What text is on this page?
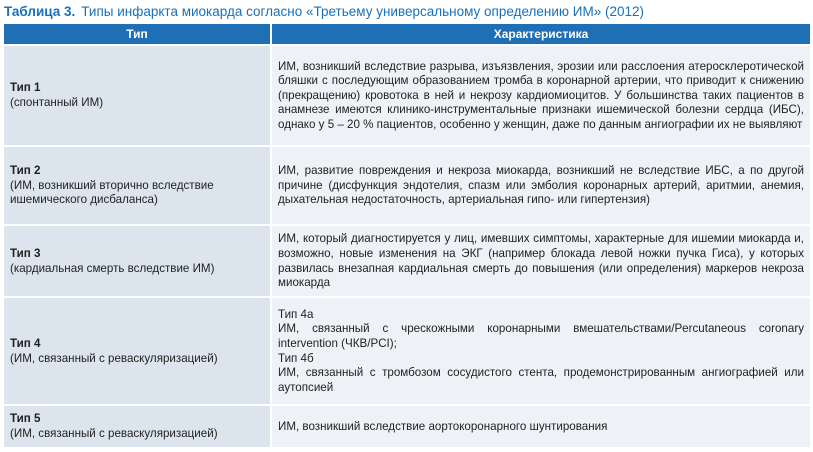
Таблица 3. Типы инфаркта миокарда согласно «Третьему универсальному определению ИМ» (2012)
Тип	Характеристика

Тип 1
(спонтанный ИМ)	ИМ, возникший вследствие разрыва, изъязвления, эрозии или расслоения атеросклеротической бляшки с последующим образованием тромба в коронарной артерии, что приводит к снижению (прекращению) кровотока в ней и некрозу кардиомиоцитов. У большинства таких пациентов в анамнезе имеются клинико-инструментальные признаки ишемической болезни сердца (ИБС), однако у 5 – 20 % пациентов, особенно у женщин, даже по данным ангиографии их не выявляют

Тип 2
(ИМ, возникший вторично вследствие ишемического дисбаланса)	ИМ, развитие повреждения и некроза миокарда, возникший не вследствие ИБС, а по другой причине (дисфункция эндотелия, спазм или эмболия коронарных артерий, аритмии, анемия, дыхательная недостаточность, артериальная гипо- или гипертензия)

Тип 3
(кардиальная смерть вследствие ИМ)	ИМ, который диагностируется у лиц, имевших симптомы, характерные для ишемии миокарда и, возможно, новые изменения на ЭКГ (например блокада левой ножки пучка Гиса), у которых развилась внезапная кардиальная смерть до повышения (или определения) маркеров некроза миокарда

Тип 4
(ИМ, связанный с реваскуляризацией)	Тип 4а
ИМ, связанный с чрескожными коронарными вмешательствами/Percutaneous coronary intervention (ЧКВ/PCI);
Тип 4б
ИМ, связанный с тромбозом сосудистого стента, продемонстрированным ангиографией или аутопсией

Тип 5
(ИМ, связанный с реваскуляризацией)	ИМ, возникший вследствие аортокоронарного шунтирования
